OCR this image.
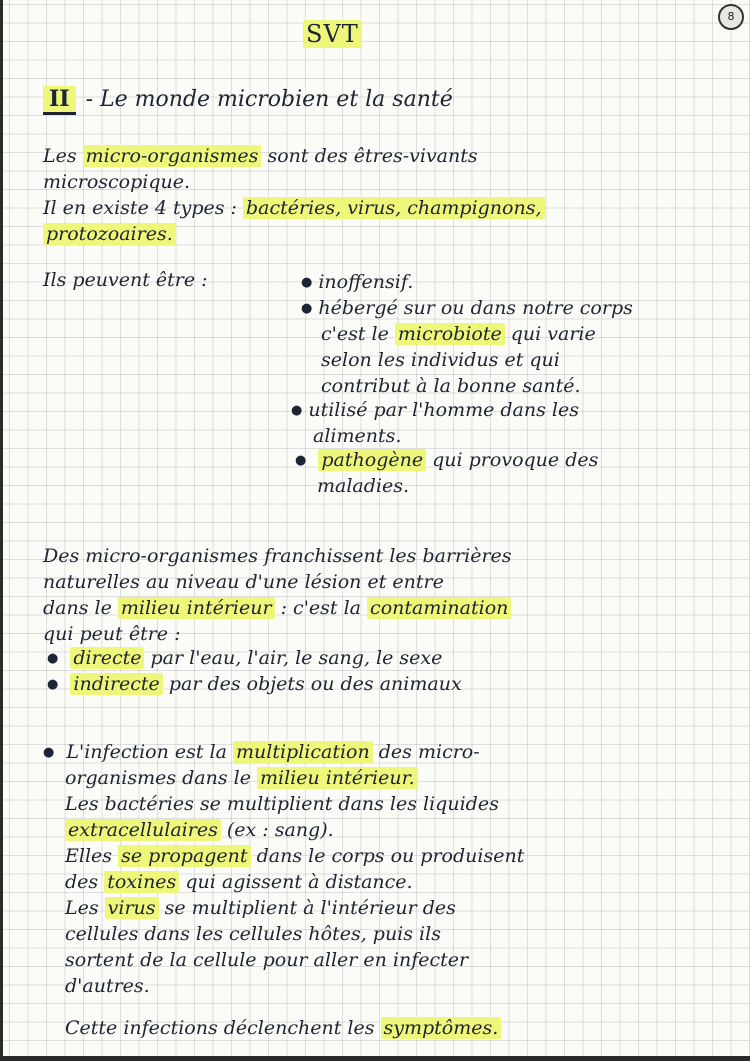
8
SVT
II - Le monde microbien et la santé
Les micro-organismes sont des êtres-vivants
microscopique.
Il en existe 4 types : bactéries, virus, champignons,
protozoaires.
Ils peuvent être :
●	inoffensif.
● hébergé sur ou dans notre corps
c'est le microbiote qui varie
selon les individus et qui
contribut à la bonne santé.
● utilisé par l'homme dans les
aliments.
● pathogène qui provoque des
maladies.
Des micro-organismes franchissent les barrières
naturelles au niveau d'une lésion et entre
dans le milieu intérieur : c'est la contamination
qui peut être :
● directe par l'eau, l'air, le sang, le sexe
● indirecte par des objets ou des animaux
● L'infection est la multiplication des micro-
organismes dans le milieu intérieur.
Les bactéries se multiplient dans les liquides
extracellulaires (ex : sang).
Elles se propagent dans le corps ou produisent
des toxines qui agissent à distance.
Les virus se multiplient à l'intérieur des
cellules dans les cellules hôtes, puis ils
sortent de la cellule pour aller en infecter
d'autres.
Cette infections déclenchent les symptômes.
